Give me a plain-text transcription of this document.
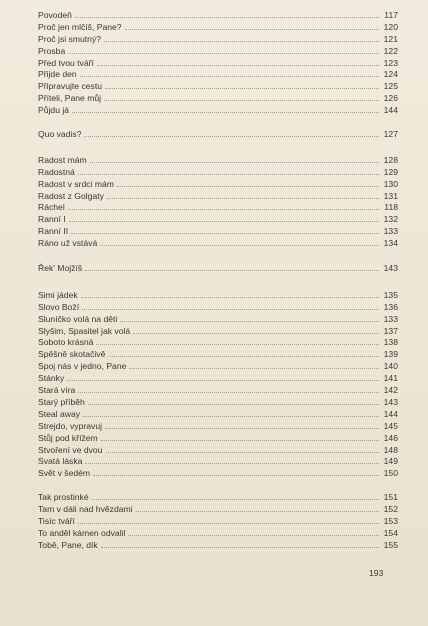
Povodeň	117
Proč jen mlčíš, Pane?	120
Proč jsi smutný?	121
Prosba	122
Před tvou tváří	123
Přijde den	124
Připravujte cestu	125
Příteli, Pane můj	126
Půjdu já	144
Quo vadis?	127
Radost mám	128
Radostná	129
Radost v srdci mám	130
Radost z Golgaty	131
Ráchel	118
Ranní I	132
Ranní II	133
Ráno už vstává	134
Řek' Mojžíš	143
Simi jádek	135
Slovo Boží	136
Sluníčko volá na děti	133
Slyšim, Spasitel jak volá	137
Soboto krásná	138
Spěšně skotačivě	139
Spoj nás v jedno, Pane	140
Stánky	141
Stará víra	142
Starý příběh	143
Steal away	144
Strejdo, vypravuj	145
Stůj pod křížem	146
Stvoření ve dvou	148
Svatá láska	149
Svět v šedém	150
Tak prostinké	151
Tam v dáli nad hvězdami	152
Tisíc tváří	153
To anděl kámen odvalil	154
Tobě, Pane, dík	155
193
